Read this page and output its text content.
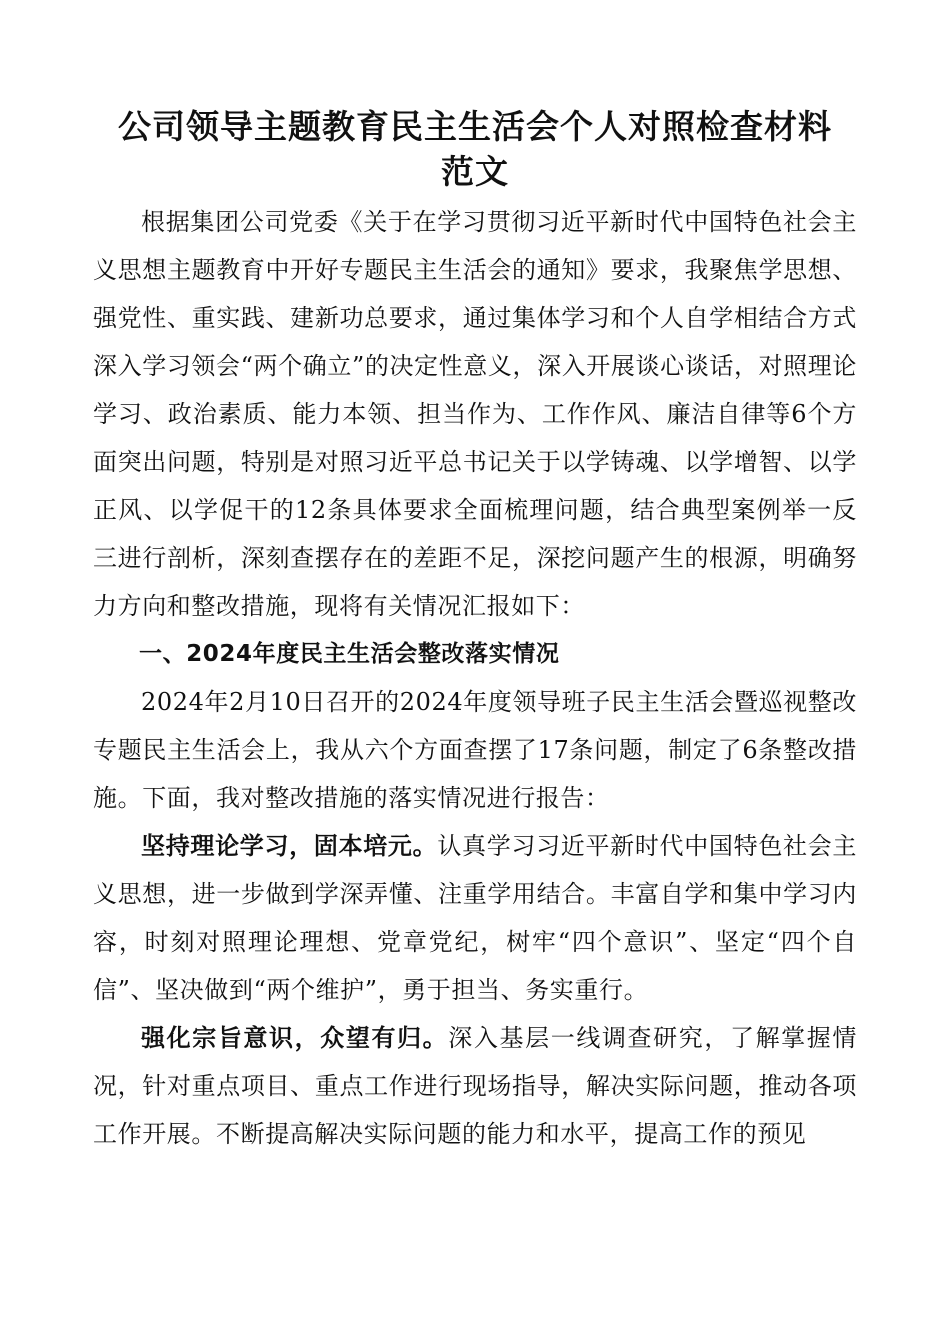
公司领导主题教育民主生活会个人对照检查材料
范文

根据集团公司党委《关于在学习贯彻习近平新时代中国特色社会主义思想主题教育中开好专题民主生活会的通知》要求，我聚焦学思想、强党性、重实践、建新功总要求，通过集体学习和个人自学相结合方式深入学习领会“两个确立”的决定性意义，深入开展谈心谈话，对照理论学习、政治素质、能力本领、担当作为、工作作风、廉洁自律等6个方面突出问题，特别是对照习近平总书记关于以学铸魂、以学增智、以学正风、以学促干的12条具体要求全面梳理问题，结合典型案例举一反三进行剖析，深刻查摆存在的差距不足，深挖问题产生的根源，明确努力方向和整改措施，现将有关情况汇报如下：

一、2024年度民主生活会整改落实情况

2024年2月10日召开的2024年度领导班子民主生活会暨巡视整改专题民主生活会上，我从六个方面查摆了17条问题，制定了6条整改措施。下面，我对整改措施的落实情况进行报告：

坚持理论学习，固本培元。认真学习习近平新时代中国特色社会主义思想，进一步做到学深弄懂、注重学用结合。丰富自学和集中学习内容，时刻对照理论理想、党章党纪，树牢“四个意识”、坚定“四个自信”、坚决做到“两个维护”，勇于担当、务实重行。

强化宗旨意识，众望有归。深入基层一线调查研究，了解掌握情况，针对重点项目、重点工作进行现场指导，解决实际问题，推动各项工作开展。不断提高解决实际问题的能力和水平，提高工作的预见
